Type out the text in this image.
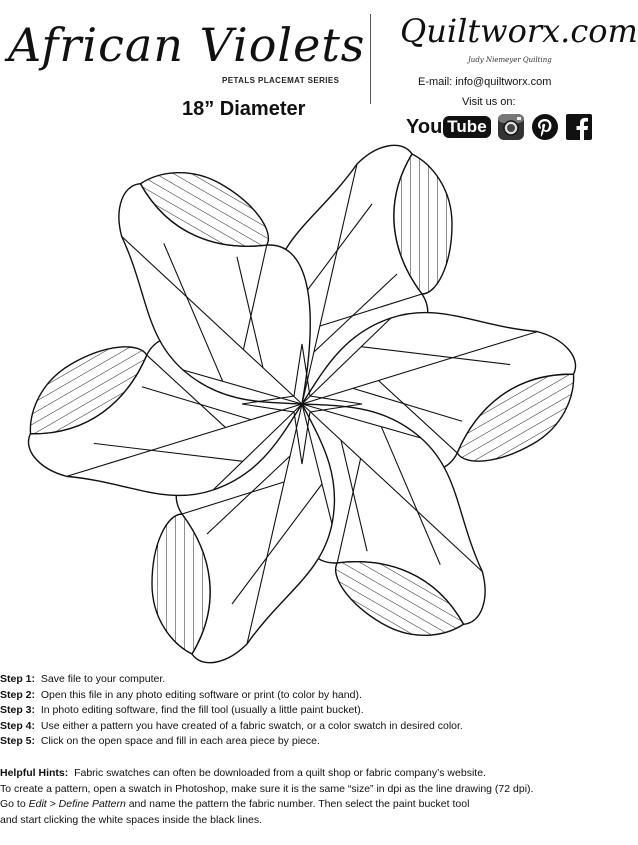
African Violets
PETALS PLACEMAT SERIES
18” Diameter
Quiltworx.com
Judy Niemeyer Quilting
E-mail: info@quiltworx.com
Visit us on:
You Tube
Step 1: Save file to your computer.
Step 2: Open this file in any photo editing software or print (to color by hand).
Step 3: In photo editing software, find the fill tool (usually a little paint bucket).
Step 4: Use either a pattern you have created of a fabric swatch, or a color swatch in desired color.
Step 5: Click on the open space and fill in each area piece by piece.
Helpful Hints: Fabric swatches can often be downloaded from a quilt shop or fabric company’s website.
To create a pattern, open a swatch in Photoshop, make sure it is the same “size” in dpi as the line drawing (72 dpi).
Go to Edit > Define Pattern and name the pattern the fabric number. Then select the paint bucket tool
and start clicking the white spaces inside the black lines.
